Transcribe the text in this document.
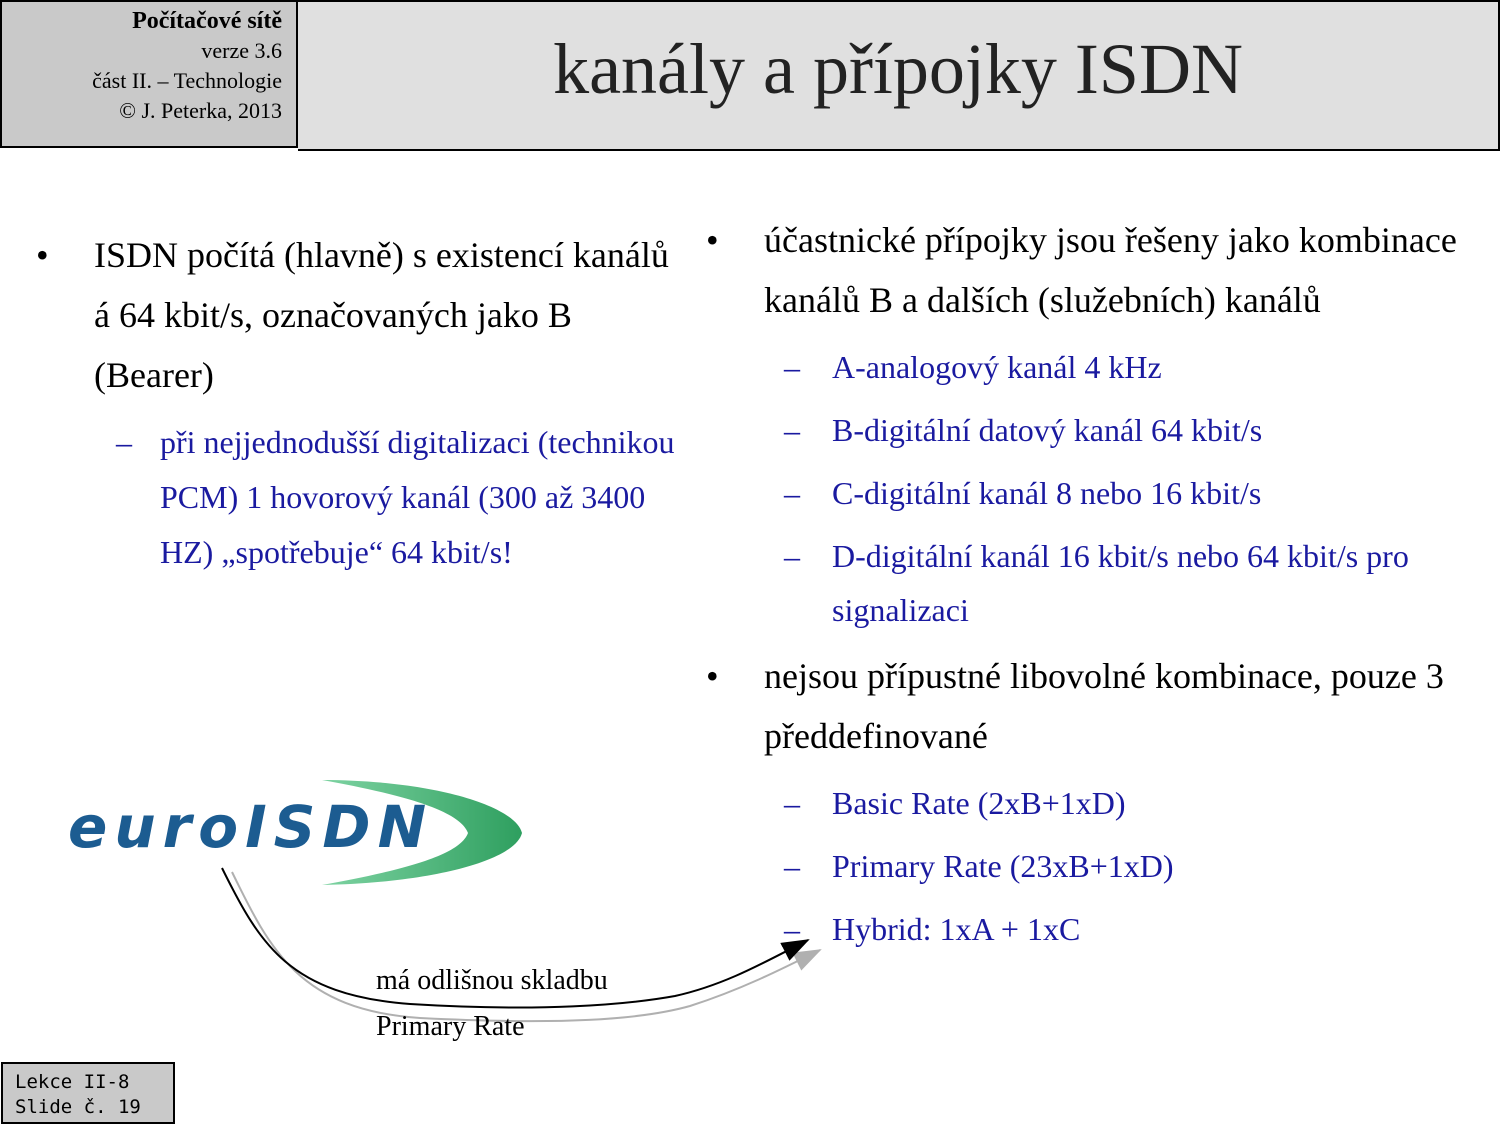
Počítačové sítě
verze 3.6
část II. – Technologie
© J. Peterka, 2013
kanály a přípojky ISDN
•	ISDN počítá (hlavně) s existencí kanálů á 64 kbit/s, označovaných jako B (Bearer)
– při nejjednodušší digitalizaci (technikou PCM) 1 hovorový kanál (300 až 3400 HZ) „spotřebuje“ 64 kbit/s!
•	účastnické přípojky jsou řešeny jako kombinace kanálů B a dalších (služebních) kanálů
–	A-analogový kanál 4 kHz
–	B-digitální datový kanál 64 kbit/s
–	C-digitální kanál 8 nebo 16 kbit/s
–	D-digitální kanál 16 kbit/s nebo 64 kbit/s pro signalizaci
•	nejsou přípustné libovolné kombinace, pouze 3 předdefinované
–	Basic Rate (2xB+1xD)
–	Primary Rate (23xB+1xD)
–	Hybrid: 1xA + 1xC
euroISDN
má odlišnou skladbu
Primary Rate
Lekce II-8
Slide č. 19
